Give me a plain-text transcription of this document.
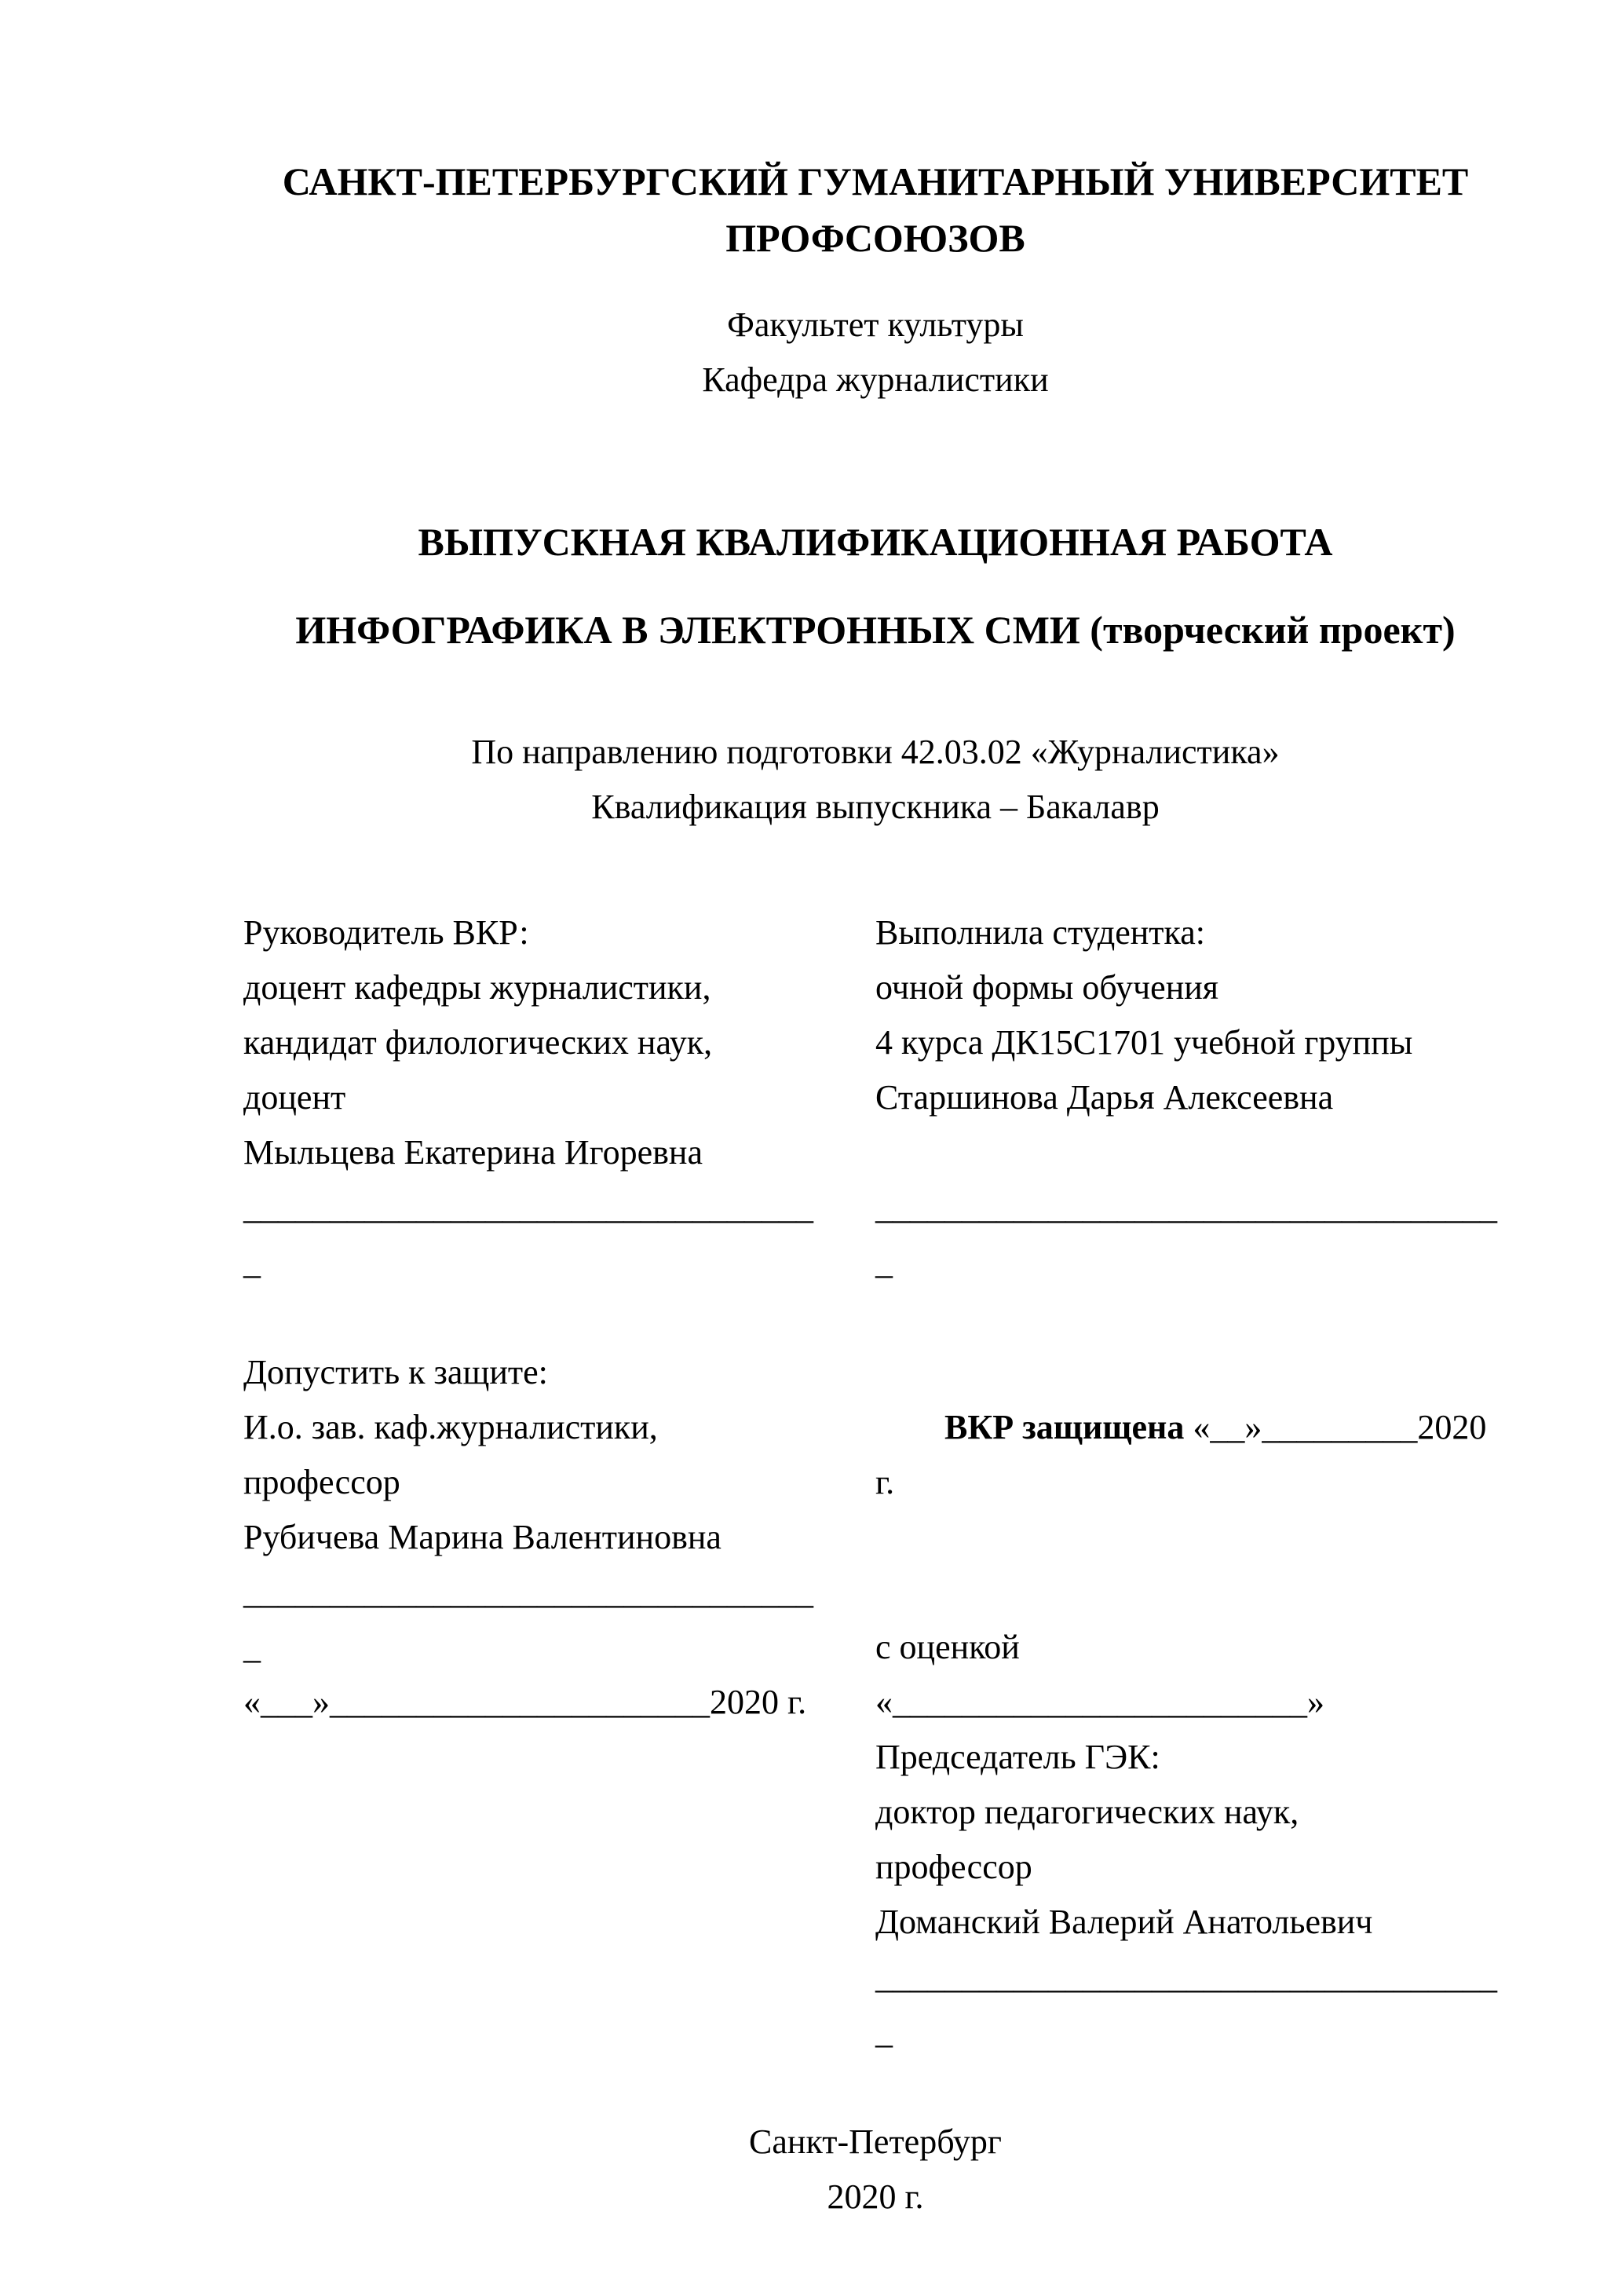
САНКТ-ПЕТЕРБУРГСКИЙ ГУМАНИТАРНЫЙ УНИВЕРСИТЕТ
ПРОФСОЮЗОВ
Факультет культуры
Кафедра журналистики
ВЫПУСКНАЯ КВАЛИФИКАЦИОННАЯ РАБОТА
ИНФОГРАФИКА В ЭЛЕКТРОННЫХ СМИ (творческий проект)
По направлению подготовки 42.03.02 «Журналистика»
Квалификация выпускника – Бакалавр
Руководитель ВКР:
доцент кафедры журналистики,
кандидат филологических наук,
доцент
Мыльцева Екатерина Игоревна
_________________________________
_
Допустить к защите:
И.о. зав. каф.журналистики,
профессор
Рубичева Марина Валентиновна
_________________________________
_
«___»______________________2020 г.
Выполнила студентка:
очной формы обучения
4 курса ДК15С1701 учебной группы
Старшинова Дарья Алексеевна
____________________________________
_

ВКР защищена «__»_________2020 г.

с оценкой
«________________________»
Председатель ГЭК:
доктор педагогических наук,
профессор
Доманский Валерий Анатольевич
____________________________________
_
Санкт-Петербург
2020 г.
